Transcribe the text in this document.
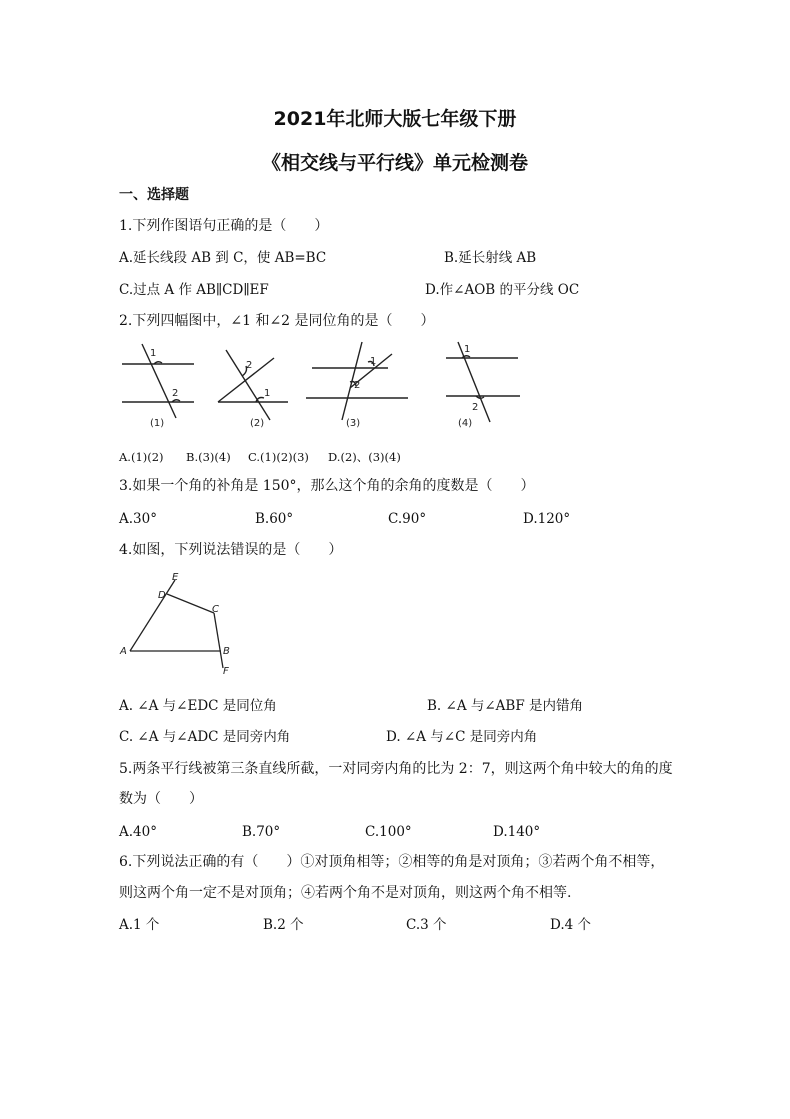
2021年北师大版七年级下册
《相交线与平行线》单元检测卷
一、选择题
1.下列作图语句正确的是（　　）
A.延长线段 AB 到 C，使 AB=BC	B.延长射线 AB
C.过点 A 作 AB∥CD∥EF	D.作∠AOB 的平分线 OC
2.下列四幅图中，∠1 和∠2 是同位角的是（　　）
1
2
2
1
1
2
1
2
(1)	(2)	(3)	(4)
A.(1)(2) B.(3)(4) C.(1)(2)(3) D.(2)、(3)(4)
3.如果一个角的补角是 150°，那么这个角的余角的度数是（　　）
A.30°	B.60°	C.90°	D.120°
4.如图，下列说法错误的是（　　）
E
D
C
A	B
F
A. ∠A 与∠EDC 是同位角	B. ∠A 与∠ABF 是内错角
C. ∠A 与∠ADC 是同旁内角	D. ∠A 与∠C 是同旁内角
5.两条平行线被第三条直线所截，一对同旁内角的比为 2：7，则这两个角中较大的角的度
数为（　　）
A.40°	B.70°	C.100°	D.140°
6.下列说法正确的有（　　）①对顶角相等；②相等的角是对顶角；③若两个角不相等，
则这两个角一定不是对顶角；④若两个角不是对顶角，则这两个角不相等.
A.1 个	B.2 个	C.3 个	D.4 个
